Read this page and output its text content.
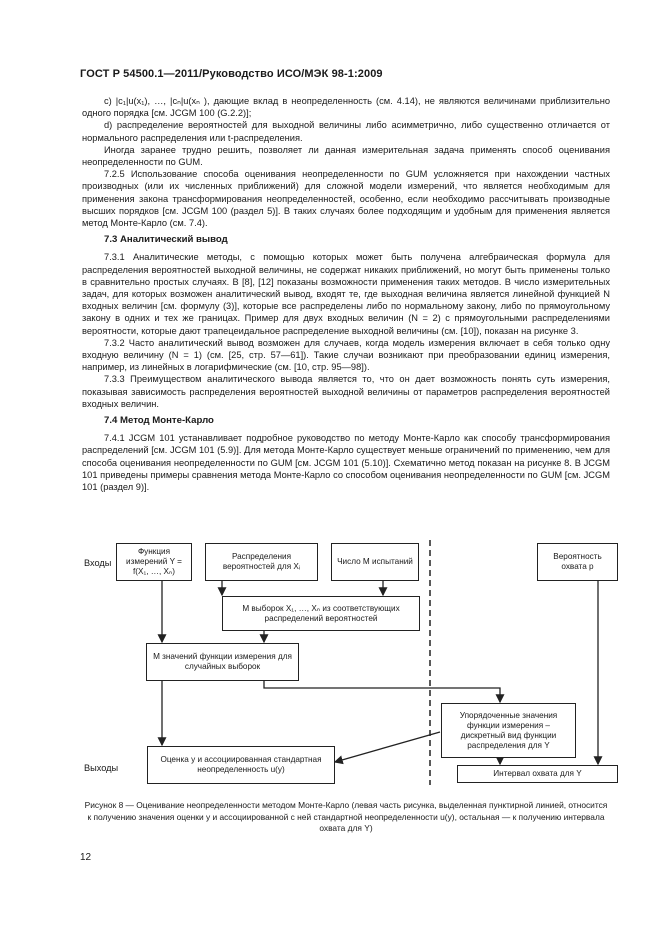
ГОСТ Р 54500.1—2011/Руководство ИСО/МЭК 98-1:2009

c) |c₁|u(x₁), …, |cₙ|u(xₙ ), дающие вклад в неопределенность (см. 4.14), не являются величинами приблизительно одного порядка [см. JCGM 100 (G.2.2)];

d) распределение вероятностей для выходной величины либо асимметрично, либо существенно отличается от нормального распределения или t-распределения.

Иногда заранее трудно решить, позволяет ли данная измерительная задача применять способ оценивания неопределенности по GUM.

7.2.5 Использование способа оценивания неопределенности по GUM усложняется при нахождении частных производных (или их численных приближений) для сложной модели измерений, что является необходимым для применения закона трансформирования неопределенностей, особенно, если необходимо рассчитывать производные высших порядков [см. JCGM 100 (раздел 5)]. В таких случаях более подходящим и удобным для применения является метод Монте-Карло (см. 7.4).

7.3 Аналитический вывод

7.3.1 Аналитические методы, с помощью которых может быть получена алгебраическая формула для распределения вероятностей выходной величины, не содержат никаких приближений, но могут быть применены только в сравнительно простых случаях. В [8], [12] показаны возможности применения таких методов. В число измерительных задач, для которых возможен аналитический вывод, входят те, где выходная величина является линейной функцией N входных величин [см. формулу (3)], которые все распределены либо по нормальному закону, либо по прямоугольному закону в одних и тех же границах. Пример для двух входных величин (N = 2) с прямоугольными распределениями вероятности, которые дают трапецеидальное распределение выходной величины (см. [10]), показан на рисунке 3.

7.3.2 Часто аналитический вывод возможен для случаев, когда модель измерения включает в себя только одну входную величину (N = 1) (см. [25, стр. 57—61]). Такие случаи возникают при преобразовании единиц измерения, например, из линейных в логарифмические (см. [10, стр. 95—98]).

7.3.3 Преимуществом аналитического вывода является то, что он дает возможность понять суть измерения, показывая зависимость распределения вероятностей выходной величины от параметров распределения вероятностей входных величин.

7.4 Метод Монте-Карло

7.4.1 JCGM 101 устанавливает подробное руководство по методу Монте-Карло как способу трансформирования распределений [см. JCGM 101 (5.9)]. Для метода Монте-Карло существует меньше ограничений по применению, чем для способа оценивания неопределенности по GUM [см. JCGM 101 (5.10)]. Схематично метод показан на рисунке 8. В JCGM 101 приведены примеры сравнения метода Монте-Карло со способом оценивания неопределенности по GUM [см. JCGM 101 (раздел 9)].

Входы
Выходы
Функция измерений Y = f(X₁, …, Xₙ)
Распределения вероятностей для Xᵢ
Число M испытаний
Вероятность охвата p
M выборок X₁, …, Xₙ из соответствующих распределений вероятностей
M значений функции измерения для случайных выборок
Упорядоченные значения функции измерения – дискретный вид функции распределения для Y
Оценка y и ассоциированная стандартная неопределенность u(y)	Интервал охвата для Y
Рисунок 8 — Оценивание неопределенности методом Монте-Карло (левая часть рисунка, выделенная пунктирной линией, относится к получению значения оценки y и ассоциированной с ней стандартной неопределенности u(y), остальная — к получению интервала охвата для Y)
12
